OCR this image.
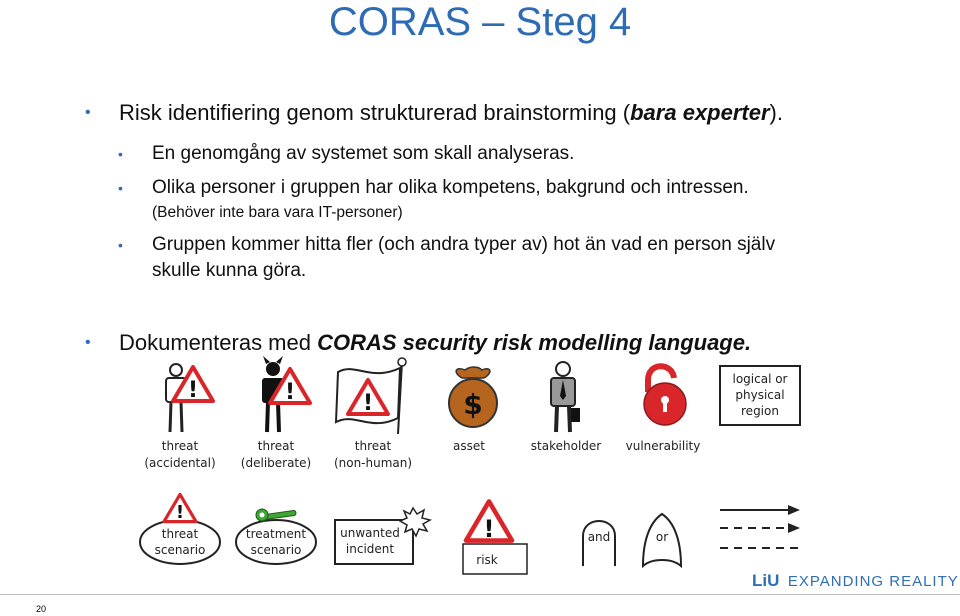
CORAS – Steg 4
• Risk identifiering genom strukturerad brainstorming (bara experter).
• En genomgång av systemet som skall analyseras.
• Olika personer i gruppen har olika kompetens, bakgrund och intressen.
(Behöver inte bara vara IT-personer)
• Gruppen kommer hitta fler (och andra typer av) hot än vad en person själv
skulle kunna göra.
• Dokumenteras med CORAS security risk modelling language.
!
threat
(accidental)
!
threat
(deliberate)
!
threat
(non-human)
$
asset	stakeholder vulnerability
logical or
physical
region
!
threat
scenario
treatment
scenario
unwanted
incident
!
risk
and	or
LiU EXPANDING REALITY
20
